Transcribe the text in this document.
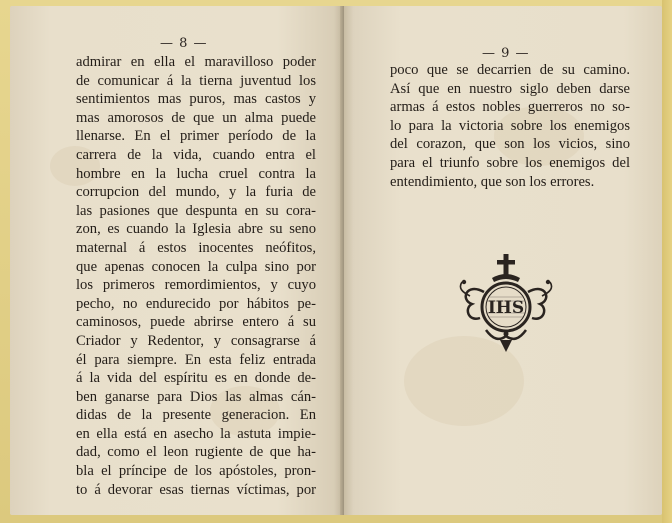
— 8 —
admirar en ella el maravilloso poder
de comunicar á la tierna juventud los
sentimientos mas puros, mas castos y
mas amorosos de que un alma puede
llenarse. En el primer período de la
carrera de la vida, cuando entra el
hombre en la lucha cruel contra la
corrupcion del mundo, y la furia de
las pasiones que despunta en su cora-
zon, es cuando la Iglesia abre su seno
maternal á estos inocentes neófitos,
que apenas conocen la culpa sino por
los primeros remordimientos, y cuyo
pecho, no endurecido por hábitos pe-
caminosos, puede abrirse entero á su
Criador y Redentor, y consagrarse á
él para siempre. En esta feliz entrada
á la vida del espíritu es en donde de-
ben ganarse para Dios las almas cán-
didas de la presente generacion. En
en ella está en asecho la astuta impie-
dad, como el leon rugiente de que ha-
bla el príncipe de los apóstoles, pron-
to á devorar esas tiernas víctimas, por
— 9 —
poco que se decarrien de su camino.
Así que en nuestro siglo deben darse
armas á estos nobles guerreros no so-
lo para la victoria sobre los enemigos
del corazon, que son los vicios, sino
para el triunfo sobre los enemigos del
entendimiento, que son los errores.
IHS
